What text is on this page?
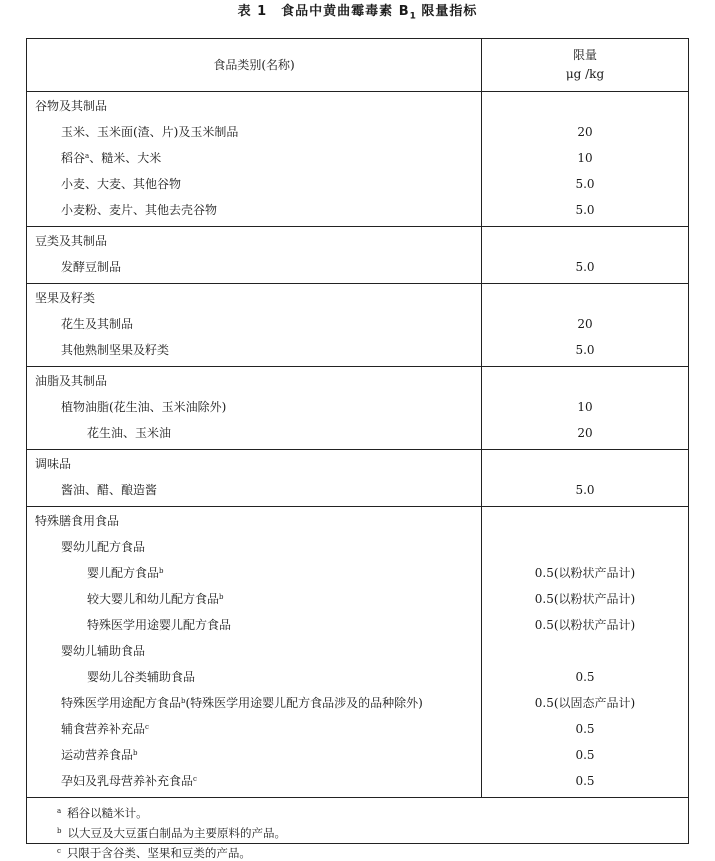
表 1　食品中黄曲霉毒素 $B_1$ 限量指标
食品类别(名称)
限量
μg /kg
谷物及其制品
玉米、玉米面(渣、片)及玉米制品	20
稻谷$^a$、糙米、大米	10
小麦、大麦、其他谷物	5.0
小麦粉、麦片、其他去壳谷物	5.0
豆类及其制品
发酵豆制品	5.0
坚果及籽类
花生及其制品	20
其他熟制坚果及籽类	5.0
油脂及其制品
植物油脂(花生油、玉米油除外)	10
花生油、玉米油	20
调味品
酱油、醋、酿造酱	5.0
特殊膳食用食品
婴幼儿配方食品
婴儿配方食品$^b$	0.5(以粉状产品计)
较大婴儿和幼儿配方食品$^b$	0.5(以粉状产品计)
特殊医学用途婴儿配方食品	0.5(以粉状产品计)
婴幼儿辅助食品
婴幼儿谷类辅助食品	0.5
特殊医学用途配方食品$^b$(特殊医学用途婴儿配方食品涉及的品种除外)	0.5(以固态产品计)
辅食营养补充品$^c$	0.5
运动营养食品$^b$	0.5
孕妇及乳母营养补充食品$^c$	0.5
$^a$ 稻谷以糙米计。
$^b$ 以大豆及大豆蛋白制品为主要原料的产品。
$^c$ 只限于含谷类、坚果和豆类的产品。
